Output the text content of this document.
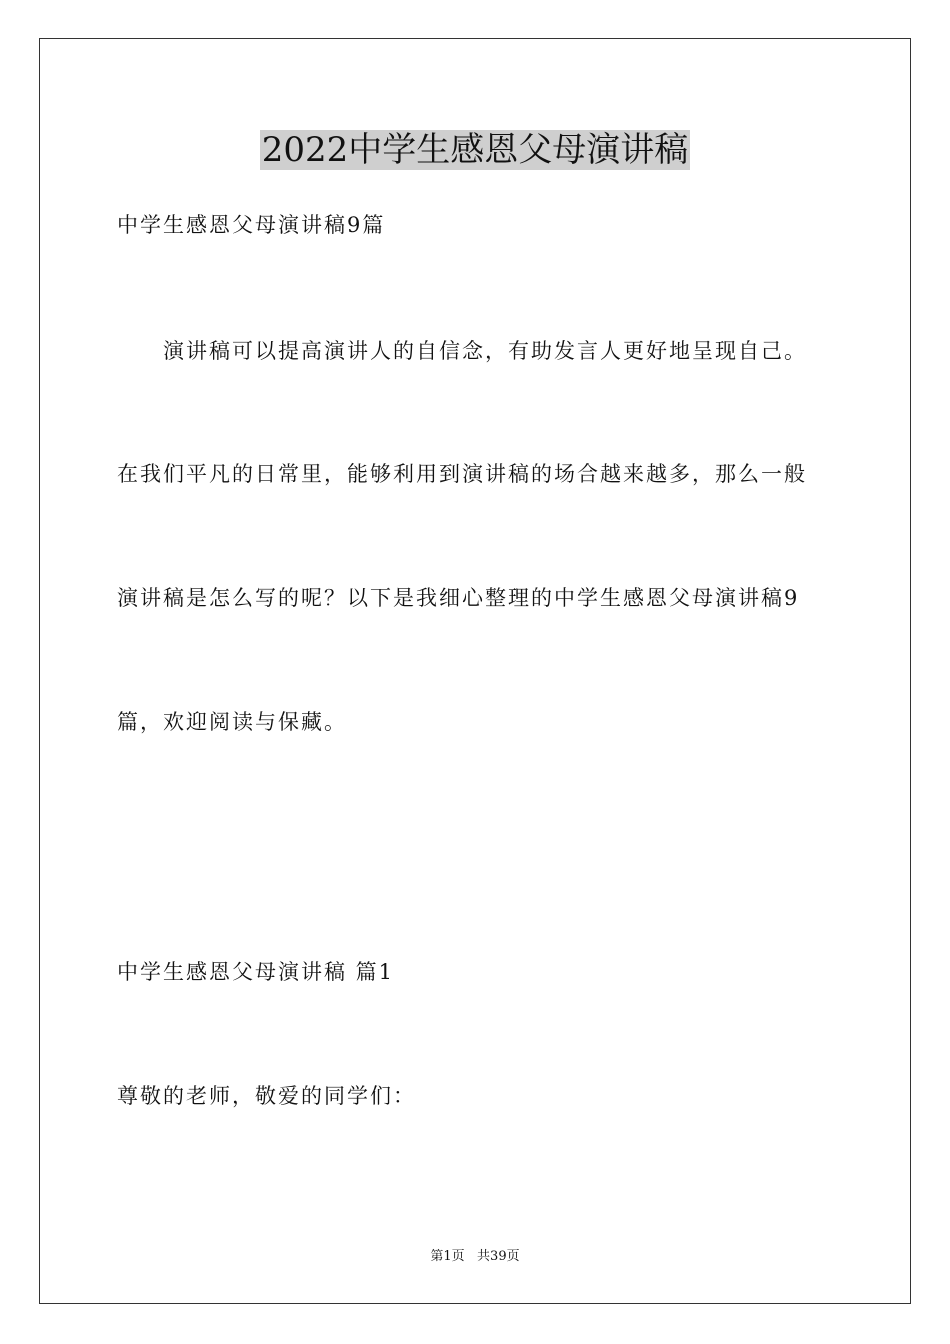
2022中学生感恩父母演讲稿
中学生感恩父母演讲稿9篇
演讲稿可以提高演讲人的自信念，有助发言人更好地呈现自己。
在我们平凡的日常里，能够利用到演讲稿的场合越来越多，那么一般
演讲稿是怎么写的呢？以下是我细心整理的中学生感恩父母演讲稿9
篇，欢迎阅读与保藏。
中学生感恩父母演讲稿 篇1
尊敬的老师，敬爱的同学们：
第1页   共39页
